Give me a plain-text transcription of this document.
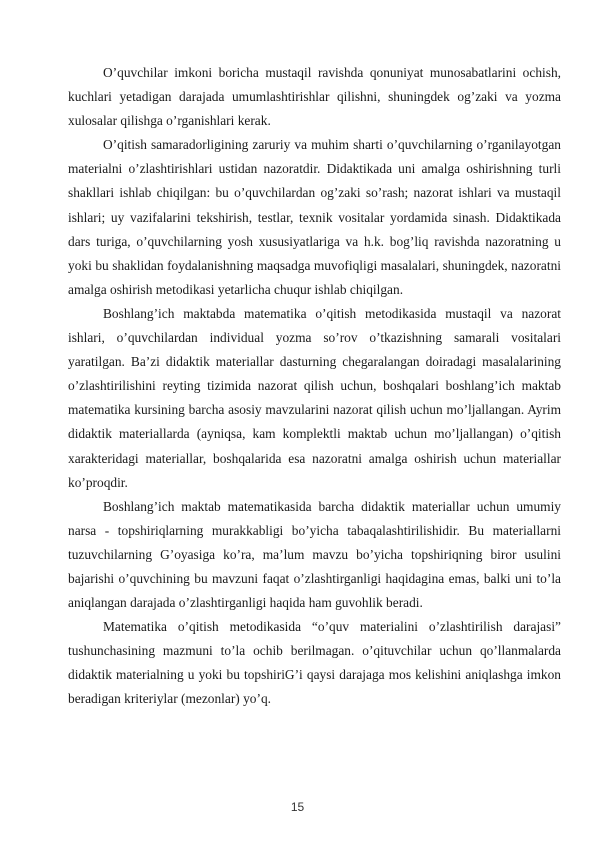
O’quvchilar imkoni boricha mustaqil ravishda qonuniyat munosabatlarini ochish, kuchlari yetadigan darajada umumlashtirishlar qilishni, shuningdek og’zaki va yozma xulosalar qilishga o’rganishlari kerak.

O’qitish samaradorligining zaruriy va muhim sharti o’quvchilarning o’rganilayotgan materialni o’zlashtirishlari ustidan nazoratdir. Didaktikada uni amalga oshirishning turli shakllari ishlab chiqilgan: bu o’quvchilardan og’zaki so’rash; nazorat ishlari va mustaqil ishlari; uy vazifalarini tekshirish, testlar, texnik vositalar yordamida sinash. Didaktikada dars turiga, o’quvchilarning yosh xususiyatlariga va h.k. bog’liq ravishda nazoratning u yoki bu shaklidan foydalanishning maqsadga muvofiqligi masalalari, shuningdek, nazoratni amalga oshirish metodikasi yetarlicha chuqur ishlab chiqilgan.

Boshlang’ich maktabda matematika o’qitish metodikasida mustaqil va nazorat ishlari, o’quvchilardan individual yozma so’rov o’tkazishning samarali vositalari yaratilgan. Ba’zi didaktik materiallar dasturning chegaralangan doiradagi masalalarining o’zlashtirilishini reyting tizimida nazorat qilish uchun, boshqalari boshlang’ich maktab matematika kursining barcha asosiy mavzularini nazorat qilish uchun mo’ljallangan. Ayrim didaktik materiallarda (ayniqsa, kam komplektli maktab uchun mo’ljallangan) o’qitish xarakteridagi materiallar, boshqalarida esa nazoratni amalga oshirish uchun materiallar ko’proqdir.

Boshlang’ich maktab matematikasida barcha didaktik materiallar uchun umumiy narsa - topshiriqlarning murakkabligi bo’yicha tabaqalashtirilishidir. Bu materiallarni tuzuvchilarning G’oyasiga ko’ra, ma’lum mavzu bo’yicha topshiriqning biror usulini bajarishi o’quvchining bu mavzuni faqat o’zlashtirganligi haqidagina emas, balki uni to’la aniqlangan darajada o’zlashtirganligi haqida ham guvohlik beradi.

Matematika o’qitish metodikasida “o’quv materialini o’zlashtirilish darajasi” tushunchasining mazmuni to’la ochib berilmagan. o’qituvchilar uchun qo’llanmalarda didaktik materialning u yoki bu topshiriG’i qaysi darajaga mos kelishini aniqlashga imkon beradigan kriteriylar (mezonlar) yo’q.

15
